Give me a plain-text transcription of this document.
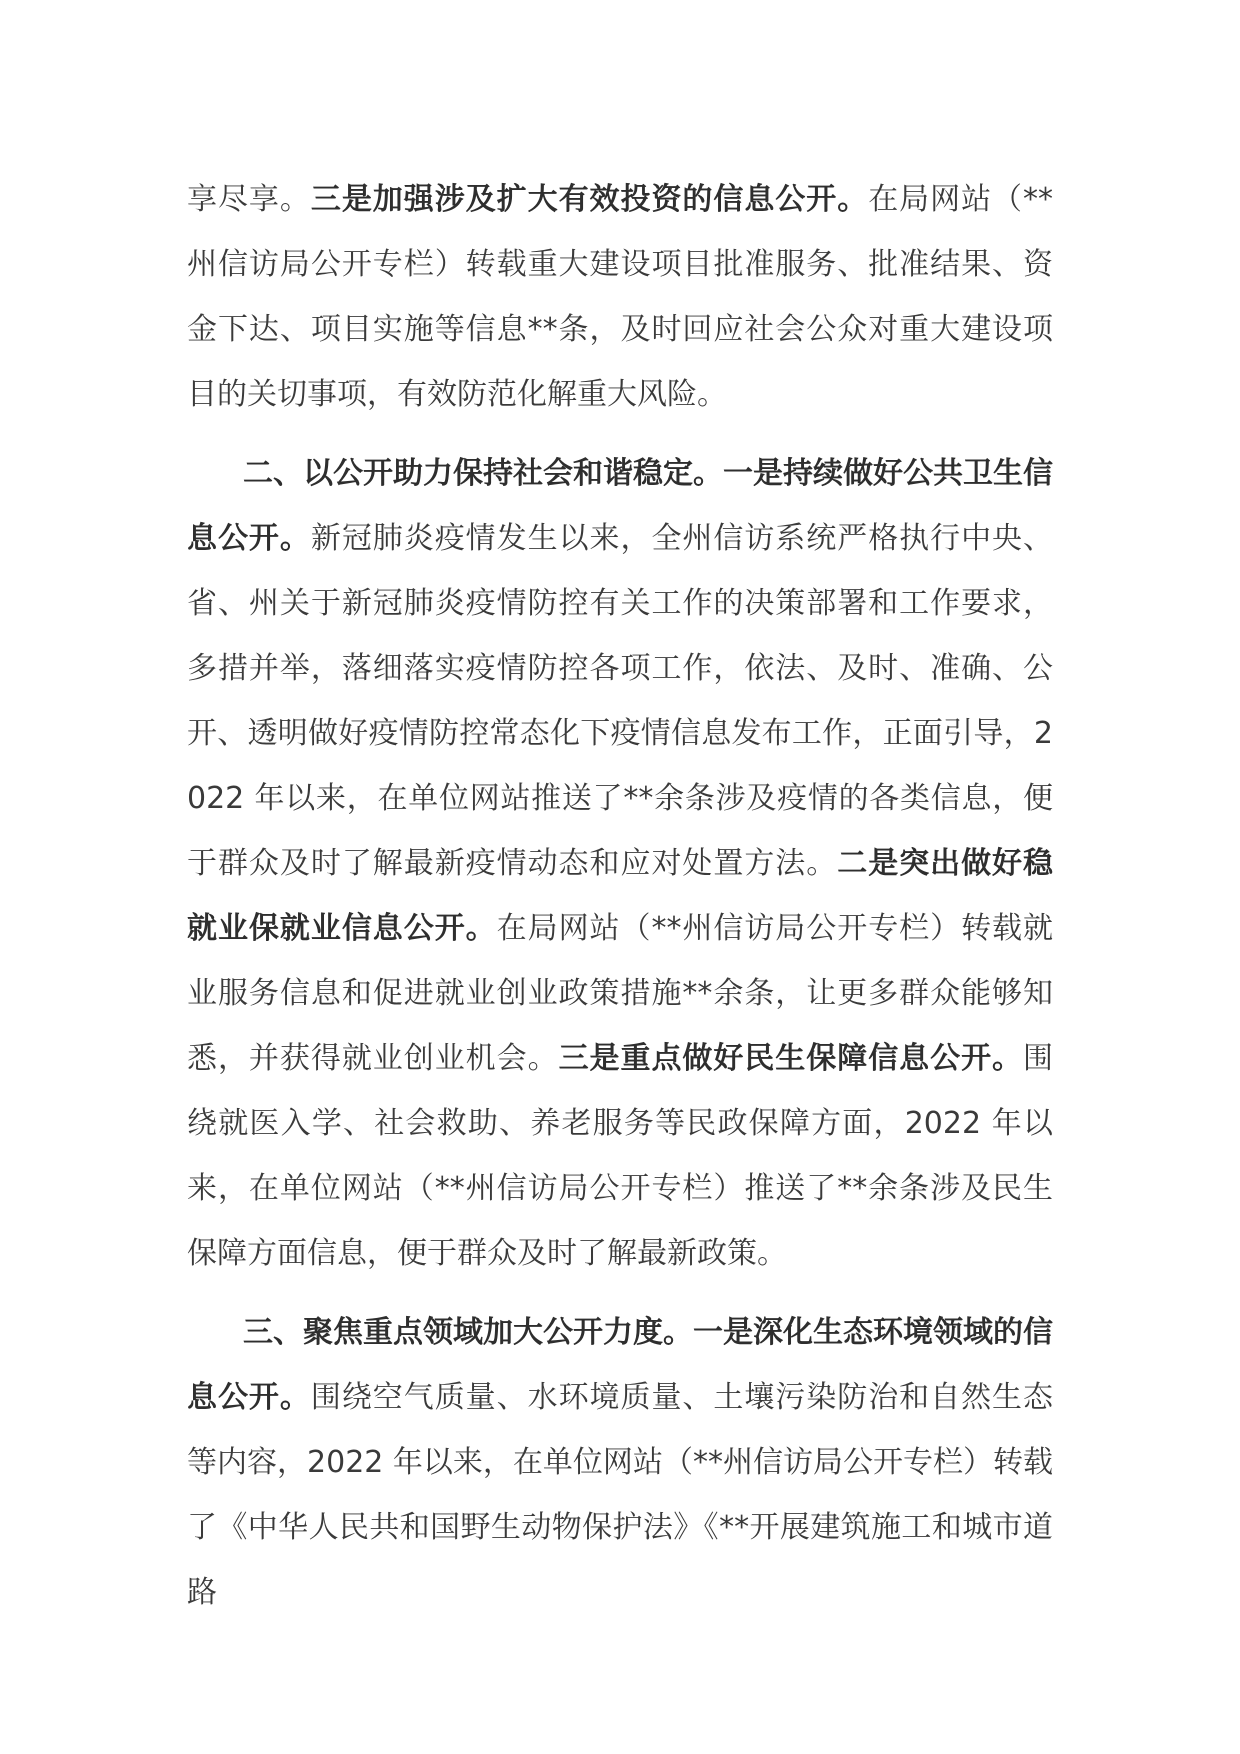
享尽享。三是加强涉及扩大有效投资的信息公开。在局网站（**州信访局公开专栏）转载重大建设项目批准服务、批准结果、资金下达、项目实施等信息**条，及时回应社会公众对重大建设项目的关切事项，有效防范化解重大风险。

二、以公开助力保持社会和谐稳定。一是持续做好公共卫生信息公开。新冠肺炎疫情发生以来，全州信访系统严格执行中央、省、州关于新冠肺炎疫情防控有关工作的决策部署和工作要求，多措并举，落细落实疫情防控各项工作，依法、及时、准确、公开、透明做好疫情防控常态化下疫情信息发布工作，正面引导，2022 年以来，在单位网站推送了**余条涉及疫情的各类信息，便于群众及时了解最新疫情动态和应对处置方法。二是突出做好稳就业保就业信息公开。在局网站（**州信访局公开专栏）转载就业服务信息和促进就业创业政策措施**余条，让更多群众能够知悉，并获得就业创业机会。三是重点做好民生保障信息公开。围绕就医入学、社会救助、养老服务等民政保障方面，2022 年以来，在单位网站（**州信访局公开专栏）推送了**余条涉及民生保障方面信息，便于群众及时了解最新政策。

三、聚焦重点领域加大公开力度。一是深化生态环境领域的信息公开。围绕空气质量、水环境质量、土壤污染防治和自然生态等内容，2022 年以来，在单位网站（**州信访局公开专栏）转载了《中华人民共和国野生动物保护法》《**开展建筑施工和城市道路
